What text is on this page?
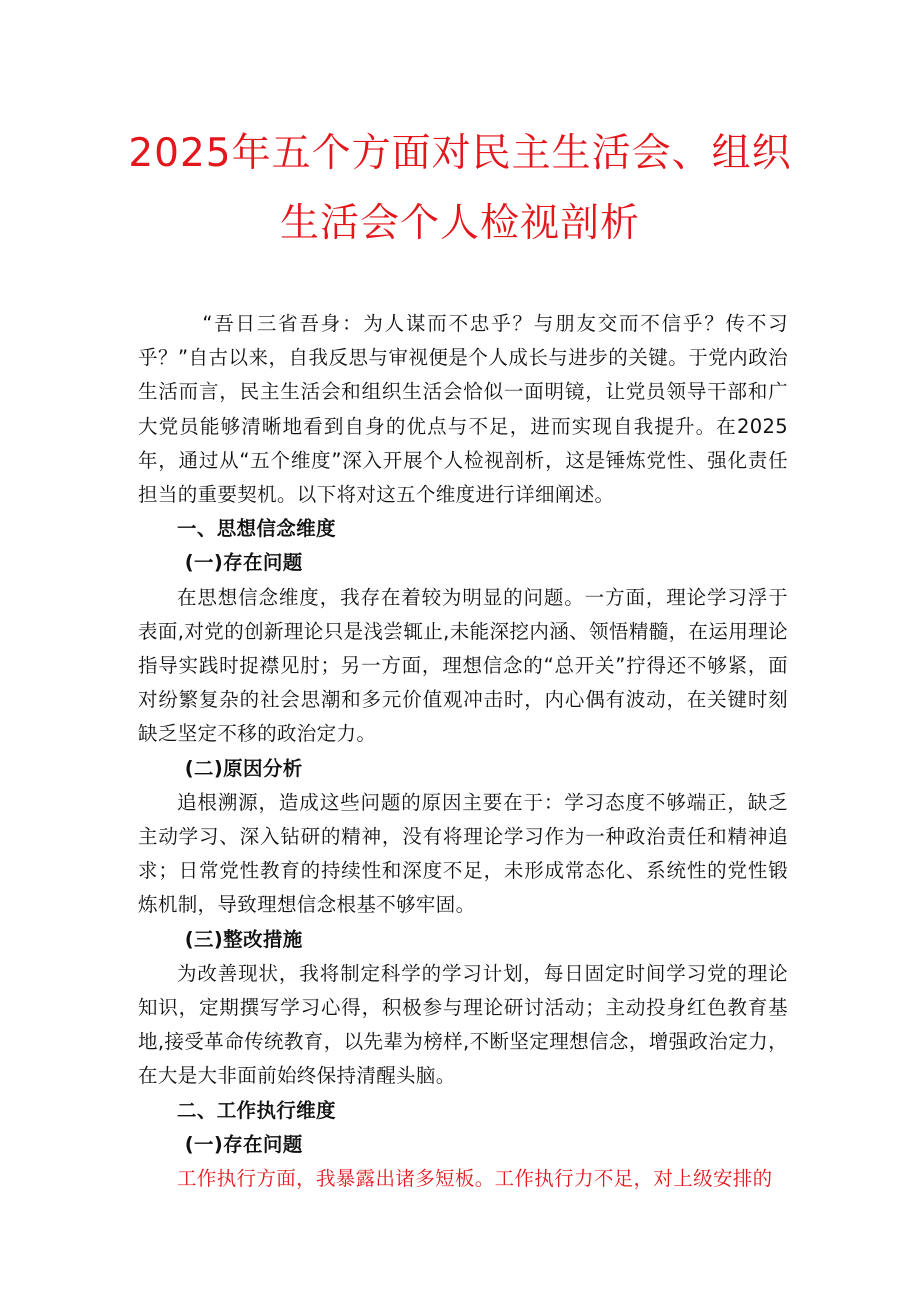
2025年五个方面对民主生活会、组织
生活会个人检视剖析

“吾日三省吾身：为人谋而不忠乎？与朋友交而不信乎？传不习乎？”自古以来，自我反思与审视便是个人成长与进步的关键。于党内政治生活而言，民主生活会和组织生活会恰似一面明镜，让党员领导干部和广大党员能够清晰地看到自身的优点与不足，进而实现自我提升。在2025年，通过从“五个维度”深入开展个人检视剖析，这是锤炼党性、强化责任担当的重要契机。以下将对这五个维度进行详细阐述。

一、思想信念维度
(一)存在问题

在思想信念维度，我存在着较为明显的问题。一方面，理论学习浮于表面,对党的创新理论只是浅尝辄止,未能深挖内涵、领悟精髓，在运用理论指导实践时捉襟见肘；另一方面，理想信念的“总开关”拧得还不够紧，面对纷繁复杂的社会思潮和多元价值观冲击时，内心偶有波动，在关键时刻缺乏坚定不移的政治定力。

(二)原因分析

追根溯源，造成这些问题的原因主要在于：学习态度不够端正，缺乏主动学习、深入钻研的精神，没有将理论学习作为一种政治责任和精神追求；日常党性教育的持续性和深度不足，未形成常态化、系统性的党性锻炼机制，导致理想信念根基不够牢固。

(三)整改措施

为改善现状，我将制定科学的学习计划，每日固定时间学习党的理论知识，定期撰写学习心得，积极参与理论研讨活动；主动投身红色教育基地,接受革命传统教育，以先辈为榜样,不断坚定理想信念，增强政治定力，在大是大非面前始终保持清醒头脑。

二、工作执行维度
(一)存在问题

工作执行方面，我暴露出诸多短板。工作执行力不足，对上级安排的
